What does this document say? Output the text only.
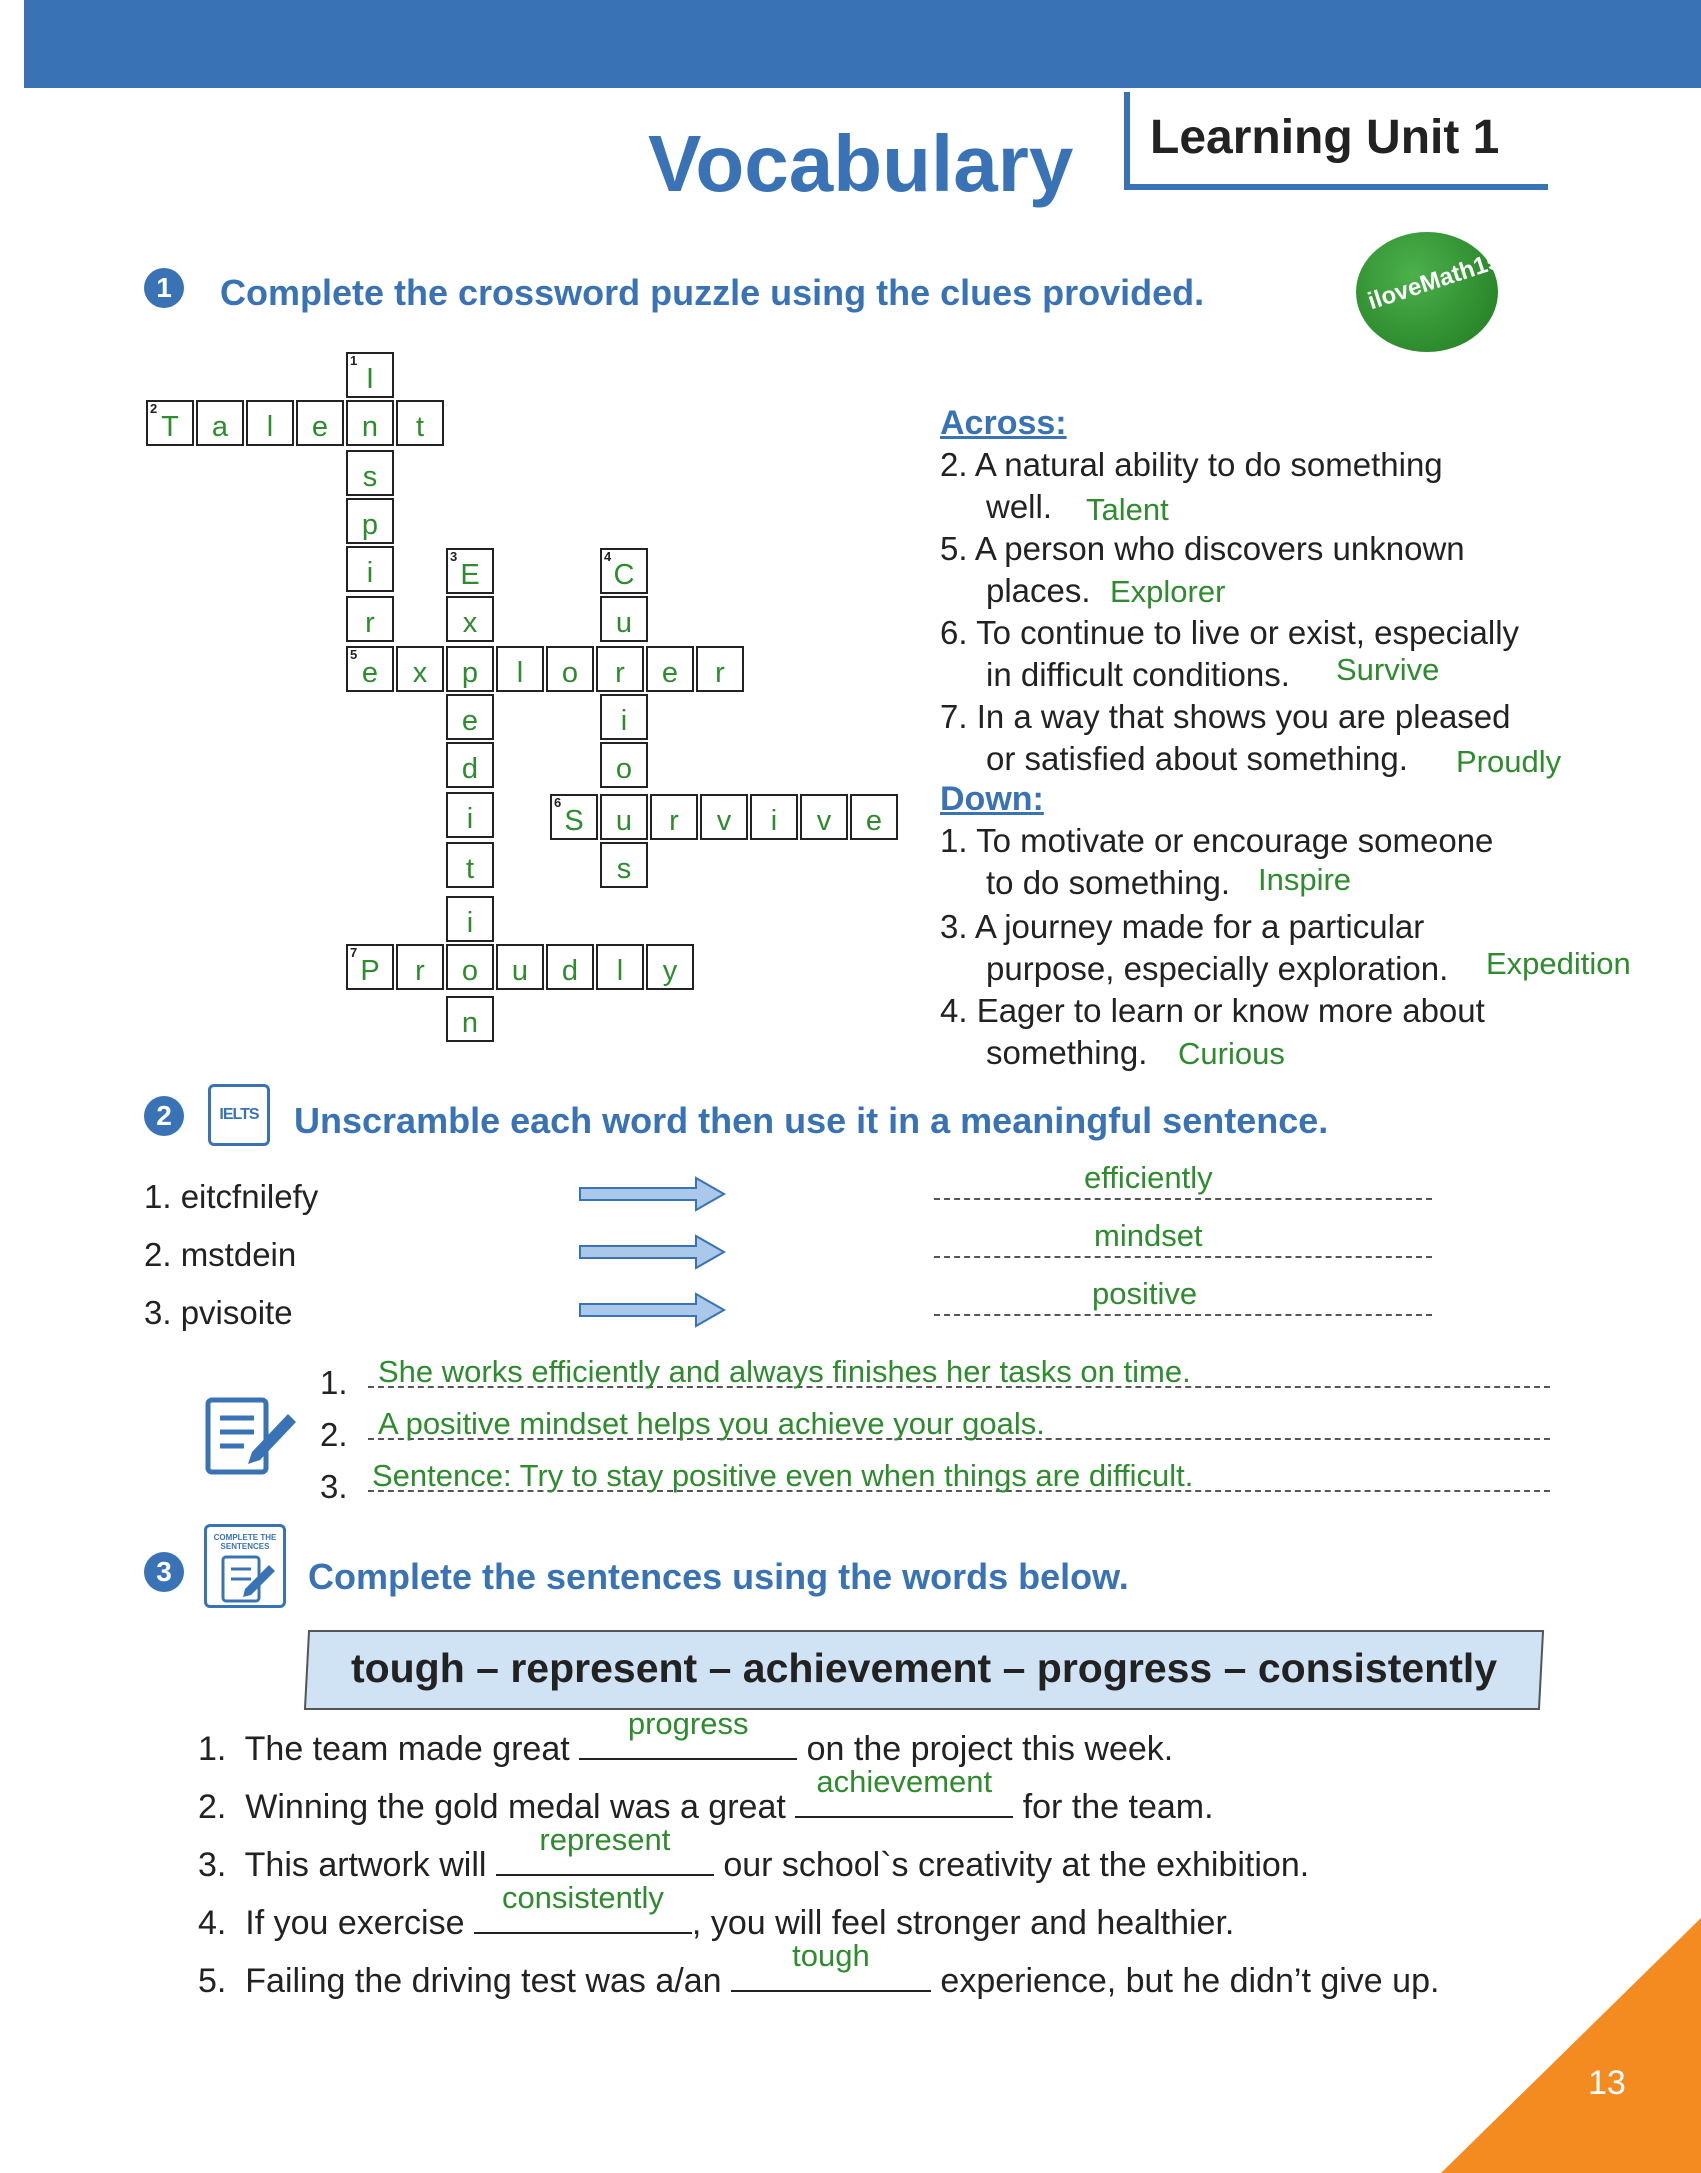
Learning Unit 1
Vocabulary
iloveMath158
1	Complete the crossword puzzle using the clues provided.
2
T	a	l	e	n	t
1
I
s
p
i
r
5
e	x	p	l	o	r	e	r
3
E
x
e
d
i
t
i
n
4
C
u
i
o
s
6
S	u	r	v	i	v	e
7
P	r	o	u	d	l	y
Across:
2. A natural ability to do something
well. Talent
5. A person who discovers unknown
places. Explorer
6. To continue to live or exist, especially
in difficult conditions. Survive
7. In a way that shows you are pleased
or satisfied about something. Proudly
Down:
1. To motivate or encourage someone
to do something. Inspire
3. A journey made for a particular
purpose, especially exploration. Expedition
4. Eager to learn or know more about
something. Curious
2	IELTS Unscramble each word then use it in a meaningful sentence.
1. eitcfnilefy
2. mstdein
3. pvisoite
efficiently
mindset
positive
1.
2.
3.
She works efficiently and always finishes her tasks on time.
A positive mindset helps you achieve your goals.
Sentence: Try to stay positive even when things are difficult.
3
COMPLETE THE SENTENCES
Complete the sentences using the words below.
tough – represent – achievement – progress – consistently
1. The team made great
progress
on the project this week.
2. Winning the gold medal was a great
achievement
for the team.
3. This artwork will
represent
our school`s creativity at the exhibition.
4. If you exercise
consistently
, you will feel stronger and healthier.
5. Failing the driving test was a/an
tough
experience, but he didn’t give up.
13
